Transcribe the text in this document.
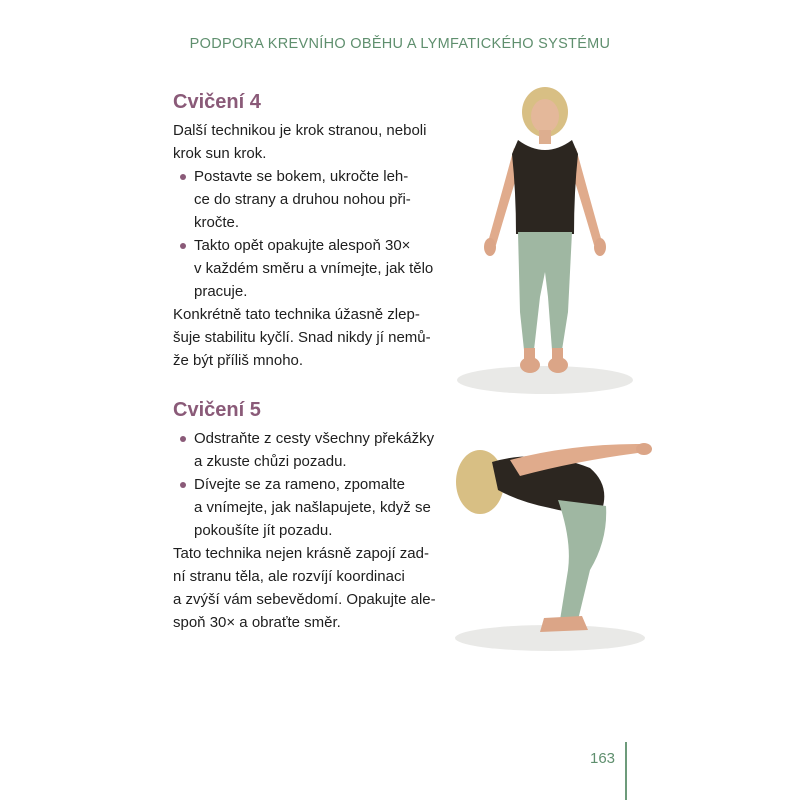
PODPORA KREVNÍHO OBĚHU A LYMFATICKÉHO SYSTÉMU
Cvičení 4

Další technikou je krok stranou, neboli
krok sun krok.

Postavte se bokem, ukročte leh-
ce do strany a druhou nohou při-
kročte.
Takto opět opakujte alespoň 30×
v každém směru a vnímejte, jak tělo
pracuje.

Konkrétně tato technika úžasně zlep-
šuje stabilitu kyčlí. Snad nikdy jí nemů-
že být příliš mnoho.

Cvičení 5
Odstraňte z cesty všechny překážky
a zkuste chůzi pozadu.
Dívejte se za rameno, zpomalte
a vnímejte, jak našlapujete, když se
pokoušíte jít pozadu.

Tato technika nejen krásně zapojí zad-
ní stranu těla, ale rozvíjí koordinaci
a zvýší vám sebevědomí. Opakujte ale-
spoň 30× a obraťte směr.

163
